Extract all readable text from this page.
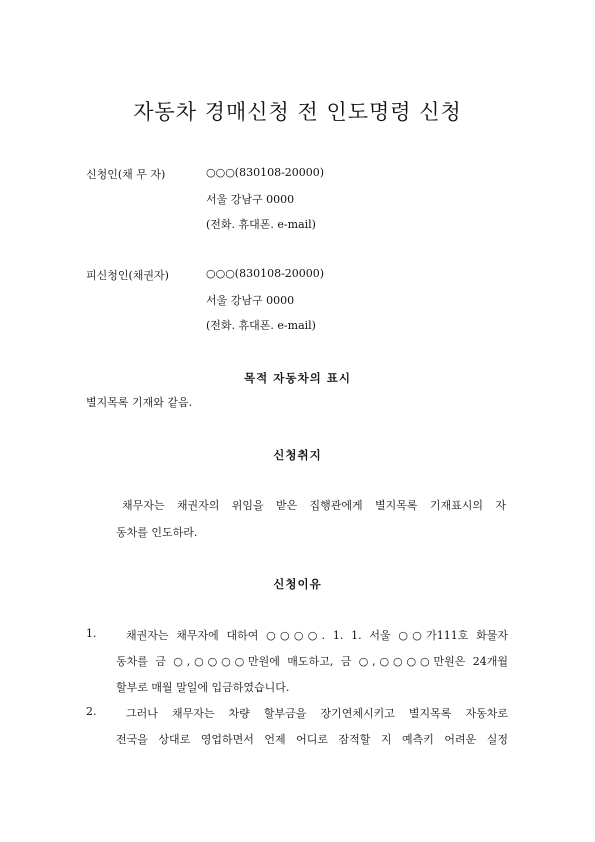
자동차 경매신청 전 인도명령 신청
신청인(채 무 자)	○○○(830108-20000)
서울 강남구 0000
(전화. 휴대폰. e-mail)
피신청인(채권자)	○○○(830108-20000)
서울 강남구 0000
(전화. 휴대폰. e-mail)
목적 자동차의 표시
별지목록 기재와 같음.
신청취지
채무자는 채권자의 위임을 받은 집행관에게 별지목록 기재표시의 자
동차를 인도하라.
신청이유
1.	채권자는 채무자에 대하여 ○○○○. 1. 1. 서울 ○○가111호 화물자
동차를 금 ○,○○○○만원에 매도하고, 금 ○,○○○○만원은 24개월
할부로 매월 말일에 입금하였습니다.
2.	그러나 채무자는 차량 할부금을 장기연체시키고 별지목록 자동차로
전국을 상대로 영업하면서 언제 어디로 잠적할 지 예측키 어려운 실정
